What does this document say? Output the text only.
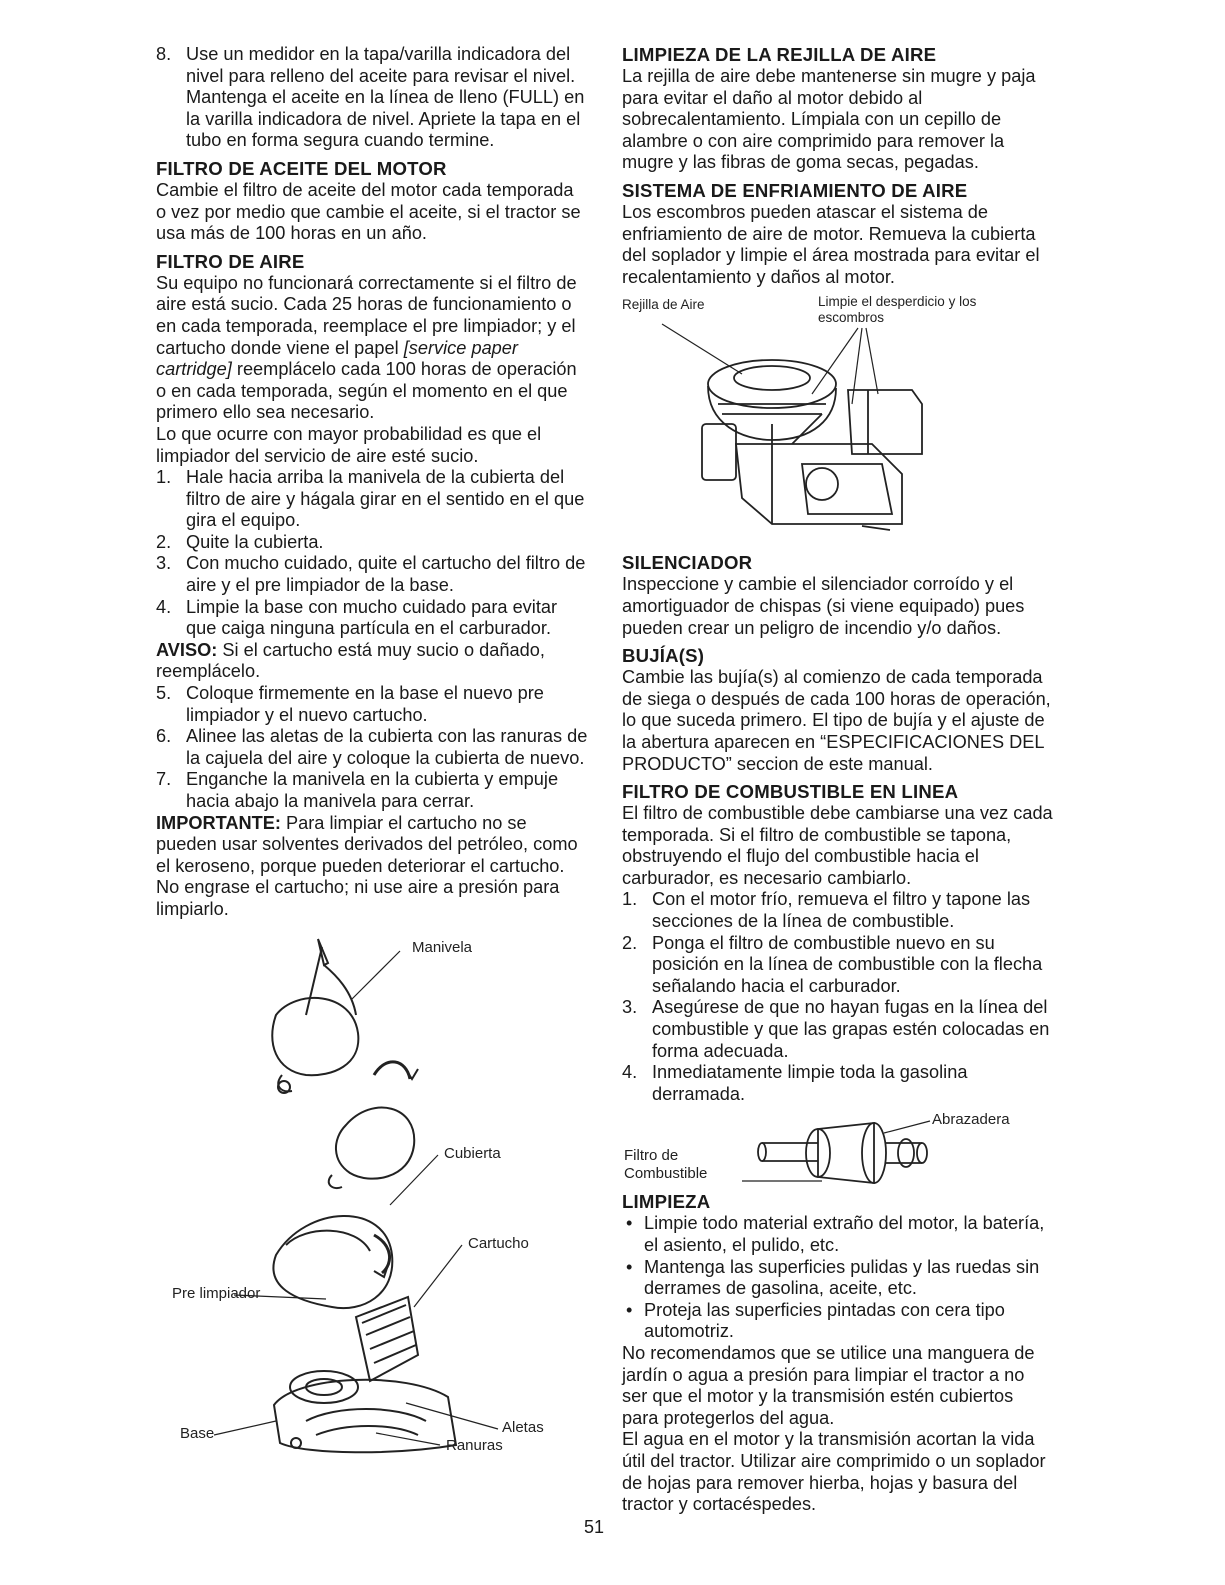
8. Use un medidor en la tapa/varilla indicadora del nivel para relleno del aceite para revisar el nivel. Mantenga el aceite en la línea de lleno (FULL) en la varilla indicadora de nivel. Apriete la tapa en el tubo en forma segura cuando termine.
FILTRO DE ACEITE DEL MOTOR

Cambie el filtro de aceite del motor cada temporada o vez por medio que cambie el aceite, si el tractor se usa más de 100 horas en un año.

FILTRO DE AIRE

Su equipo no funcionará correctamente si el filtro de aire está sucio. Cada 25 horas de funcionamiento o en cada temporada, reemplace el pre limpiador; y el cartucho donde viene el papel [service paper cartridge] reemplácelo cada 100 horas de operación o en cada temporada, según el momento en el que primero ello sea necesario.

Lo que ocurre con mayor probabilidad es que el limpiador del servicio de aire esté sucio.

1. Hale hacia arriba la manivela de la cubierta del filtro de aire y hágala girar en el sentido en el que gira el equipo.
2. Quite la cubierta.
3. Con mucho cuidado, quite el cartucho del filtro de aire y el pre limpiador de la base.
4. Limpie la base con mucho cuidado para evitar que caiga ninguna partícula en el carburador.

AVISO: Si el cartucho está muy sucio o dañado, reemplácelo.

5. Coloque firmemente en la base el nuevo pre limpiador y el nuevo cartucho.
6. Alinee las aletas de la cubierta con las ranuras de la cajuela del aire y coloque la cubierta de nuevo.
7. Enganche la manivela en la cubierta y empuje hacia abajo la manivela para cerrar.

IMPORTANTE: Para limpiar el cartucho no se pueden usar solventes derivados del petróleo, como el keroseno, porque pueden deteriorar el cartucho. No engrase el cartucho; ni use aire a presión para limpiarlo.

Manivela
Cubierta
Cartucho
Pre limpiador
Base	Aletas
Ranuras
LIMPIEZA DE LA REJILLA DE AIRE

La rejilla de aire debe mantenerse sin mugre y paja para evitar el daño al motor debido al sobrecalentamiento. Límpiala con un cepillo de alambre o con aire comprimido para remover la mugre y las fibras de goma secas, pegadas.

SISTEMA DE ENFRIAMIENTO DE AIRE

Los escombros pueden atascar el sistema de enfriamiento de aire de motor. Remueva la cubierta del soplador y limpie el área mostrada para evitar el recalentamiento y daños al motor.

Rejilla de Aire	Limpie el desperdicio y los escombros
SILENCIADOR

Inspeccione y cambie el silenciador corroído y el amortiguador de chispas (si viene equipado) pues pueden crear un peligro de incendio y/o daños.

BUJÍA(S)

Cambie las bujía(s) al comienzo de cada temporada de siega o después de cada 100 horas de operación, lo que suceda primero. El tipo de bujía y el ajuste de la abertura aparecen en “ESPECIFICACIONES DEL PRODUCTO” seccion de este manual.

FILTRO DE COMBUSTIBLE EN LINEA

El filtro de combustible debe cambiarse una vez cada temporada. Si el filtro de combustible se tapona, obstruyendo el flujo del combustible hacia el carburador, es necesario cambiarlo.

1. Con el motor frío, remueva el filtro y tapone las secciones de la línea de combustible.
2. Ponga el filtro de combustible nuevo en su posición en la línea de combustible con la flecha señalando hacia el carburador.
3. Asegúrese de que no hayan fugas en la línea del combustible y que las grapas estén colocadas en forma adecuada.
4. Inmediatamente limpie toda la gasolina derramada.
Abrazadera
Filtro de
Combustible
LIMPIEZA
• Limpie todo material extraño del motor, la batería, el asiento, el pulido, etc.
• Mantenga las superficies pulidas y las ruedas sin derrames de gasolina, aceite, etc.
• Proteja las superficies pintadas con cera tipo automotriz.

No recomendamos que se utilice una manguera de jardín o agua a presión para limpiar el tractor a no ser que el motor y la transmisión estén cubiertos para protegerlos del agua.

El agua en el motor y la transmisión acortan la vida útil del tractor. Utilizar aire comprimido o un soplador de hojas para remover hierba, hojas y basura del tractor y cortacéspedes.

51
